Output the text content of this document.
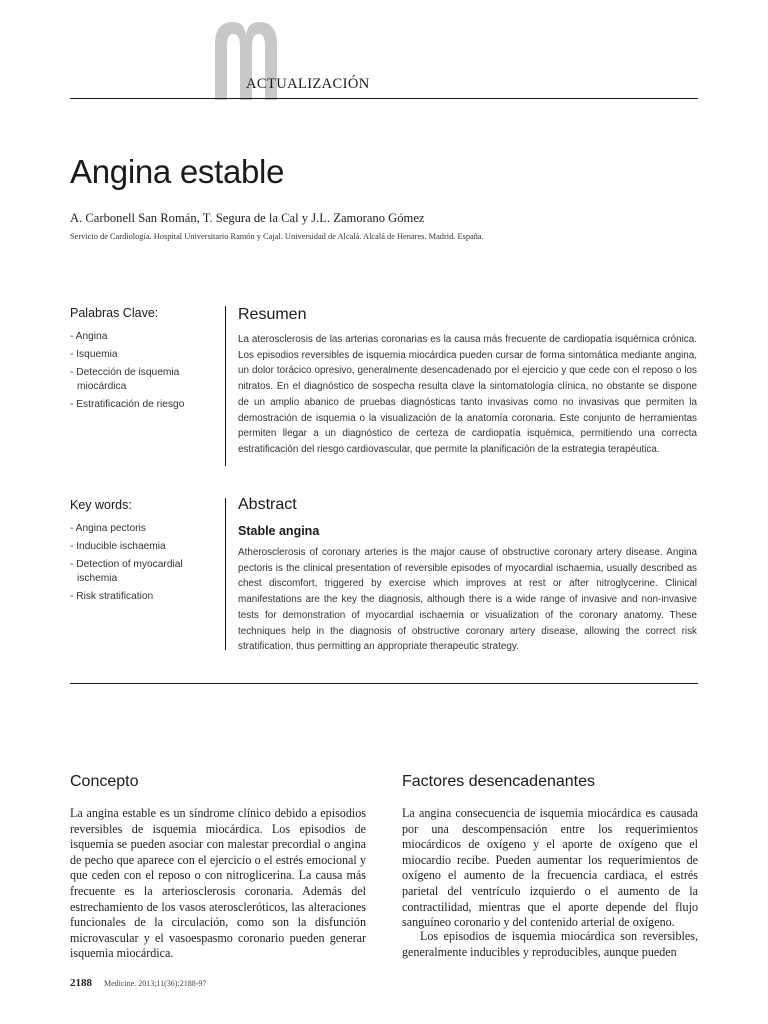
ACTUALIZACIÓN
Angina estable
A. Carbonell San Román, T. Segura de la Cal y J.L. Zamorano Gómez
Servicio de Cardiología. Hospital Universitario Ramón y Cajal. Universidad de Alcalá. Alcalá de Henares. Madrid. España.
Palabras Clave:
- Angina
- Isquemia
- Detección de isquemia miocárdica
- Estratificación de riesgo
Resumen

La aterosclerosis de las arterias coronarias es la causa más frecuente de cardiopatía isquémica crónica. Los episodios reversibles de isquemia miocárdica pueden cursar de forma sintomática mediante angina, un dolor torácico opresivo, generalmente desencadenado por el ejercicio y que cede con el reposo o los nitratos. En el diagnóstico de sospecha resulta clave la sintomatología clínica, no obstante se dispone de un amplio abanico de pruebas diagnósticas tanto invasivas como no invasivas que permiten la demostración de isquemia o la visualización de la anatomía coronaria. Este conjunto de herramientas permiten llegar a un diagnóstico de certeza de cardiopatía isquémica, permitiendo una correcta estratificación del riesgo cardiovascular, que permite la planificación de la estrategia terapéutica.

Key words:
- Angina pectoris
- Inducible ischaemia
- Detection of myocardial ischemia
- Risk stratification
Abstract
Stable angina

Atherosclerosis of coronary arteries is the major cause of obstructive coronary artery disease. Angina pectoris is the clinical presentation of reversible episodes of myocardial ischaemia, usually described as chest discomfort, triggered by exercise which improves at rest or after nitroglycerine. Clinical manifestations are the key the diagnosis, although there is a wide range of invasive and non-invasive tests for demonstration of myocardial ischaemia or visualization of the coronary anatomy. These techniques help in the diagnosis of obstructive coronary artery disease, allowing the correct risk stratification, thus permitting an appropriate therapeutic strategy.

Concepto

La angina estable es un síndrome clínico debido a episodios reversibles de isquemia miocárdica. Los episodios de isquemia se pueden asociar con malestar precordial o angina de pecho que aparece con el ejercicio o el estrés emocional y que ceden con el reposo o con nitroglicerina. La causa más frecuente es la arteriosclerosis coronaria. Además del estrechamiento de los vasos ateroscleróticos, las alteraciones funcionales de la circulación, como son la disfunción microvascular y el vasoespasmo coronario pueden generar isquemia miocárdica.

Factores desencadenantes

La angina consecuencia de isquemia miocárdica es causada por una descompensación entre los requerimientos miocárdicos de oxígeno y el aporte de oxígeno que el miocardio recibe. Pueden aumentar los requerimientos de oxígeno el aumento de la frecuencia cardiaca, el estrés parietal del ventrículo izquierdo o el aumento de la contractilidad, mientras que el aporte depende del flujo sanguíneo coronario y del contenido arterial de oxígeno.

Los episodios de isquemia miocárdica son reversibles, generalmente inducibles y reproducibles, aunque pueden

2188 Medicine. 2013;11(36):2188-97
